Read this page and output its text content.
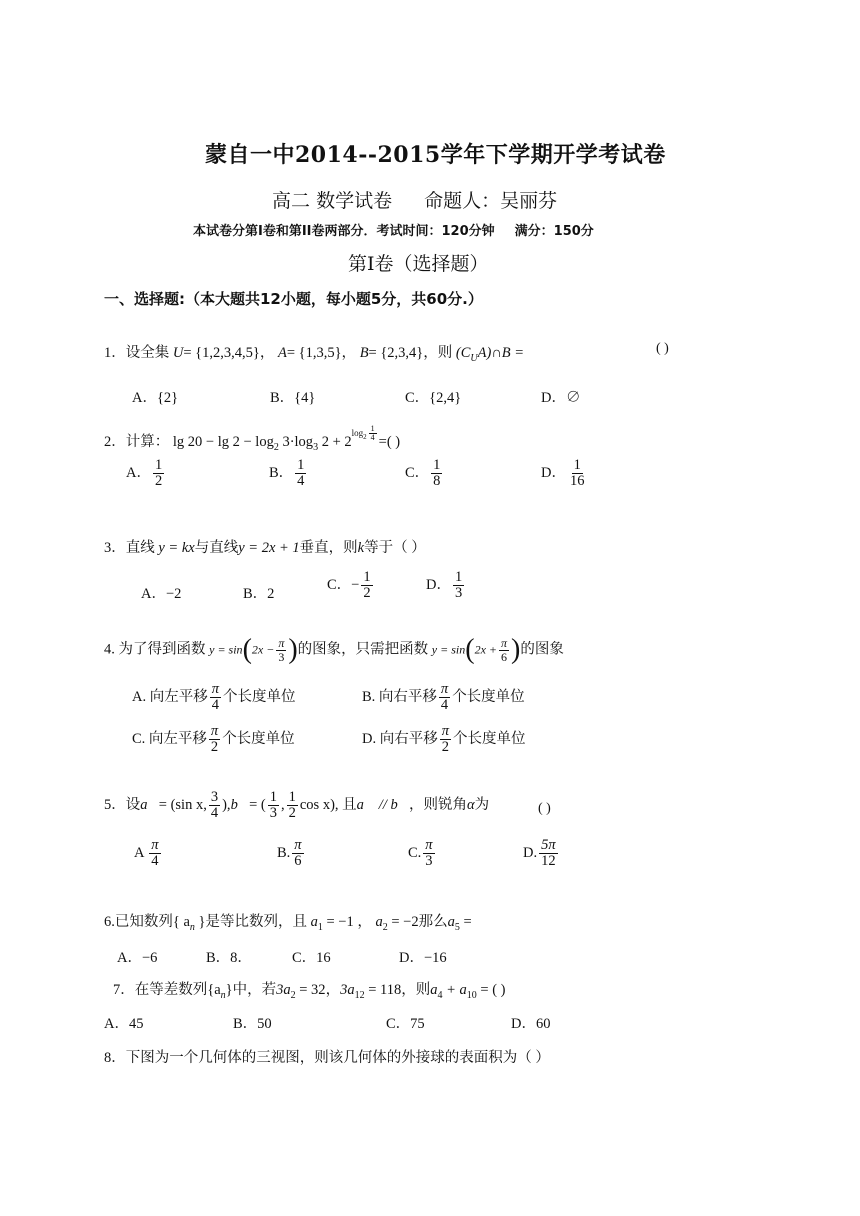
蒙自一中2014--2015学年下学期开学考试卷
高二 数学试卷 命题人：吴丽芬
本试卷分第I卷和第II卷两部分．考试时间：120分钟 满分：150分
第Ⅰ卷（选择题）
一、选择题:（本大题共12小题，每小题5分，共60分.）
1．设全集 U= {1,2,3,4,5}， A= {1,3,5}， B= {2,3,4}，则 $(C_UA)\cap B$ =	( )
A．{2}	B．{4}	C．{2,4}	D．∅
2．计算： $\lg 20 - \lg 2 - \log_2 3\cdot\log_3$ $2 + 2^{log_2 \frac{1}{4}}$ =( )
A． $\frac{1}{2}$	B． $\frac{1}{4}$	C． $\frac{1}{8}$	D． $\frac{1}{16}$
3．直线 y = kx与直线y = 2x + 1垂直，则k等于（ ）
A．−2	B．2
C．− $\frac{1}{2}$	D． $\frac{1}{3}$
4. 为了得到函数 $y = \sin(2x - \frac{\pi}{3}$ )的图象，只需把函数 $y = \sin(2x + \frac{\pi}{6}$ )的图象
A. 向左平移 $\frac{\pi}{4}$ 个长度单位	B. 向右平移 $\frac{\pi}{4}$ 个长度单位
C. 向左平移 $\frac{\pi}{2}$ 个长度单位	D. 向右平移 $\frac{\pi}{2}$ 个长度单位
5．设a⃗= (sin x, $\frac{3}{4}$ ),b⃗= ( $\frac{1}{3}$ , $\frac{1}{2}$ cos x), 且a⃗ // b⃗，则锐角α为	( )
A $\frac{\pi}{4}$	B. $\frac{\pi}{6}$	C. $\frac{\pi}{3}$	D. $\frac{5\pi}{12}$
6.已知数列{ $a_n$ }是等比数列，且 $a_1 = -1$ ， $a_2 = -2$那么$a_5$ =
A．−6	B．8．	C．16	D．−16
7．在等差数列$\{a_n\}$中，若$3a_2 = 32$，$3a_{12} = 118$，则$a_4 + a_{10}$ = ( )
A．45	B．50	C．75	D．60
8．下图为一个几何体的三视图，则该几何体的外接球的表面积为（ ）
